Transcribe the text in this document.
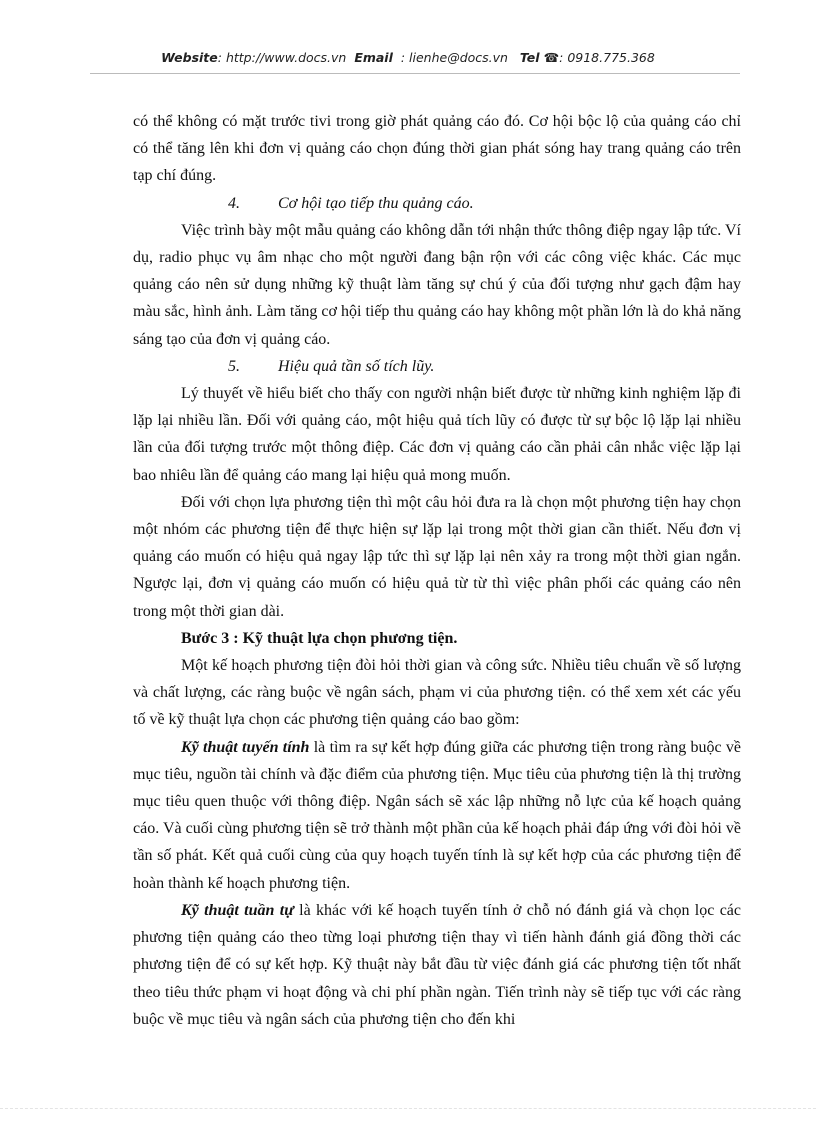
Website: http://www.docs.vn Email : lienhe@docs.vn Tel ☎: 0918.775.368

có thể không có mặt trước tivi trong giờ phát quảng cáo đó. Cơ hội bộc lộ của quảng cáo chỉ có thể tăng lên khi đơn vị quảng cáo chọn đúng thời gian phát sóng hay trang quảng cáo trên tạp chí đúng.

4. Cơ hội tạo tiếp thu quảng cáo.

Việc trình bày một mẫu quảng cáo không dẫn tới nhận thức thông điệp ngay lập tức. Ví dụ, radio phục vụ âm nhạc cho một người đang bận rộn với các công việc khác. Các mục quảng cáo nên sử dụng những kỹ thuật làm tăng sự chú ý của đối tượng như gạch đậm hay màu sắc, hình ảnh. Làm tăng cơ hội tiếp thu quảng cáo hay không một phần lớn là do khả năng sáng tạo của đơn vị quảng cáo.

5. Hiệu quả tần số tích lũy.

Lý thuyết về hiểu biết cho thấy con người nhận biết được từ những kinh nghiệm lặp đi lặp lại nhiều lần. Đối với quảng cáo, một hiệu quả tích lũy có được từ sự bộc lộ lặp lại nhiều lần của đối tượng trước một thông điệp. Các đơn vị quảng cáo cần phải cân nhắc việc lặp lại bao nhiêu lần để quảng cáo mang lại hiệu quả mong muốn.

Đối với chọn lựa phương tiện thì một câu hỏi đưa ra là chọn một phương tiện hay chọn một nhóm các phương tiện để thực hiện sự lặp lại trong một thời gian cần thiết. Nếu đơn vị quảng cáo muốn có hiệu quả ngay lập tức thì sự lặp lại nên xảy ra trong một thời gian ngắn. Ngược lại, đơn vị quảng cáo muốn có hiệu quả từ từ thì việc phân phối các quảng cáo nên trong một thời gian dài.

Bước 3 : Kỹ thuật lựa chọn phương tiện.

Một kế hoạch phương tiện đòi hỏi thời gian và công sức. Nhiều tiêu chuẩn về số lượng và chất lượng, các ràng buộc về ngân sách, phạm vi của phương tiện. có thể xem xét các yếu tố về kỹ thuật lựa chọn các phương tiện quảng cáo bao gồm:

Kỹ thuật tuyến tính là tìm ra sự kết hợp đúng giữa các phương tiện trong ràng buộc về mục tiêu, nguồn tài chính và đặc điểm của phương tiện. Mục tiêu của phương tiện là thị trường mục tiêu quen thuộc với thông điệp. Ngân sách sẽ xác lập những nỗ lực của kế hoạch quảng cáo. Và cuối cùng phương tiện sẽ trở thành một phần của kế hoạch phải đáp ứng với đòi hỏi về tần số phát. Kết quả cuối cùng của quy hoạch tuyến tính là sự kết hợp của các phương tiện để hoàn thành kế hoạch phương tiện.

Kỹ thuật tuần tự là khác với kế hoạch tuyến tính ở chỗ nó đánh giá và chọn lọc các phương tiện quảng cáo theo từng loại phương tiện thay vì tiến hành đánh giá đồng thời các phương tiện để có sự kết hợp. Kỹ thuật này bắt đầu từ việc đánh giá các phương tiện tốt nhất theo tiêu thức phạm vi hoạt động và chi phí phần ngàn. Tiến trình này sẽ tiếp tục với các ràng buộc về mục tiêu và ngân sách của phương tiện cho đến khi
